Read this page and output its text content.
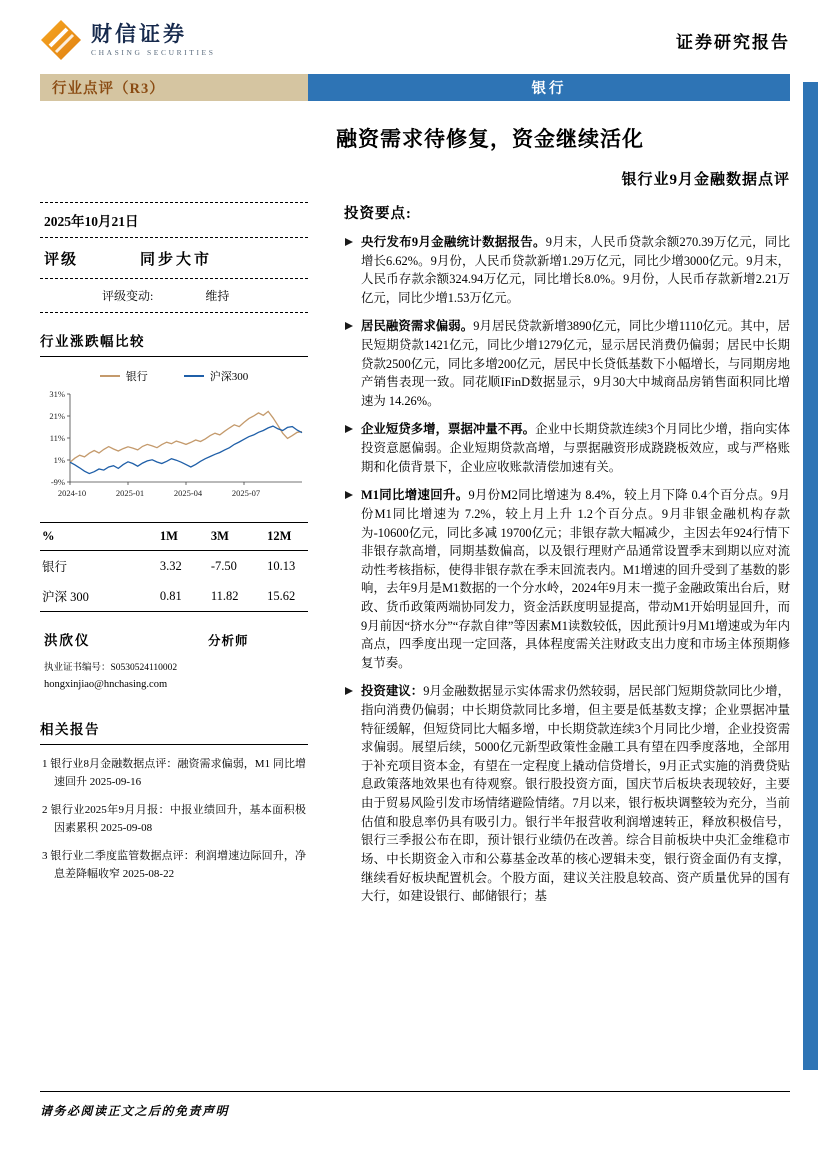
财信证券
CHASING SECURITIES
证券研究报告
行业点评（R3）	银行
融资需求待修复，资金继续活化
银行业9月金融数据点评
2025年10月21日
评级	同步大市
评级变动:	维持
行业涨跌幅比较
银行	沪深300
31%
21%
11%
1%
-9%
2024-10	2025-01	2025-04	2025-07
%	1M	3M	12M
银行	3.32	-7.50	10.13
沪深 300	0.81	11.82	15.62
洪欣仪	分析师
执业证书编号：S0530524110002
hongxinjiao@hnchasing.com
相关报告
1 银行业8月金融数据点评：融资需求偏弱，M1 同比增速回升 2025-09-16
2 银行业2025年9月月报：中报业绩回升，基本面积极因素累积 2025-09-08
3 银行业二季度监管数据点评：利润增速边际回升，净息差降幅收窄 2025-08-22
投资要点:
央行发布9月金融统计数据报告。9月末，人民币贷款余额270.39万亿元，同比增长6.62%。9月份，人民币贷款新增1.29万亿元，同比少增3000亿元。9月末，人民币存款余额324.94万亿元，同比增长8.0%。9月份，人民币存款新增2.21万亿元，同比少增1.53万亿元。
居民融资需求偏弱。9月居民贷款新增3890亿元，同比少增1110亿元。其中，居民短期贷款1421亿元，同比少增1279亿元，显示居民消费仍偏弱；居民中长期贷款2500亿元，同比多增200亿元，居民中长贷低基数下小幅增长，与同期房地产销售表现一致。同花顺IFinD数据显示，9月30大中城商品房销售面积同比增速为 14.26%。
企业短贷多增，票据冲量不再。企业中长期贷款连续3个月同比少增，指向实体投资意愿偏弱。企业短期贷款高增，与票据融资形成跷跷板效应，或与严格账期和化债背景下，企业应收账款清偿加速有关。
M1同比增速回升。9月份M2同比增速为 8.4%，较上月下降 0.4个百分点。9月份M1同比增速为 7.2%，较上月上升 1.2个百分点。9月非银金融机构存款为-10600亿元，同比多减 19700亿元；非银存款大幅减少，主因去年924行情下非银存款高增，同期基数偏高，以及银行理财产品通常设置季末到期以应对流动性考核指标，使得非银存款在季末回流表内。M1增速的回升受到了基数的影响，去年9月是M1数据的一个分水岭，2024年9月末一揽子金融政策出台后，财政、货币政策两端协同发力，资金活跃度明显提高，带动M1开始明显回升，而9月前因“挤水分”“存款自律”等因素M1读数较低，因此预计9月M1增速或为年内高点，四季度出现一定回落，具体程度需关注财政支出力度和市场主体预期修复节奏。
投资建议：9月金融数据显示实体需求仍然较弱，居民部门短期贷款同比少增，指向消费仍偏弱；中长期贷款同比多增，但主要是低基数支撑；企业票据冲量特征缓解，但短贷同比大幅多增，中长期贷款连续3个月同比少增，企业投资需求偏弱。展望后续，5000亿元新型政策性金融工具有望在四季度落地，全部用于补充项目资本金，有望在一定程度上撬动信贷增长，9月正式实施的消费贷贴息政策落地效果也有待观察。银行股投资方面，国庆节后板块表现较好，主要由于贸易风险引发市场情绪避险情绪。7月以来，银行板块调整较为充分，当前估值和股息率仍具有吸引力。银行半年报营收利润增速转正，释放积极信号，银行三季报公布在即，预计银行业绩仍在改善。综合目前板块中央汇金维稳市场、中长期资金入市和公募基金改革的核心逻辑未变，银行资金面仍有支撑，继续看好板块配置机会。个股方面，建议关注股息较高、资产质量优异的国有大行，如建设银行、邮储银行；基
请务必阅读正文之后的免责声明
